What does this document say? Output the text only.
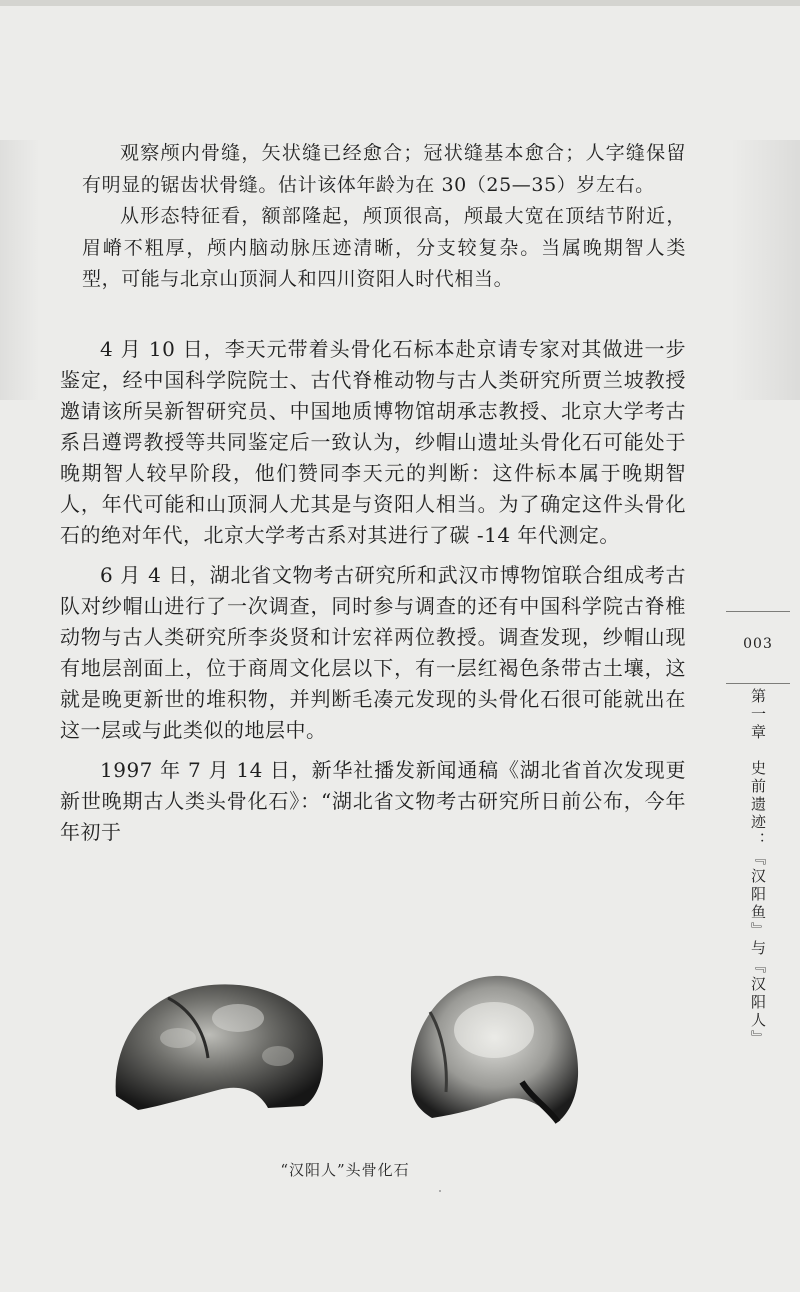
观察颅内骨缝，矢状缝已经愈合；冠状缝基本愈合；人字缝保留有明显的锯齿状骨缝。估计该体年龄为在 30（25—35）岁左右。

从形态特征看，额部隆起，颅顶很高，颅最大宽在顶结节附近，眉嵴不粗厚，颅内脑动脉压迹清晰，分支较复杂。当属晚期智人类型，可能与北京山顶洞人和四川资阳人时代相当。

4 月 10 日，李天元带着头骨化石标本赴京请专家对其做进一步鉴定，经中国科学院院士、古代脊椎动物与古人类研究所贾兰坡教授邀请该所吴新智研究员、中国地质博物馆胡承志教授、北京大学考古系吕遵谔教授等共同鉴定后一致认为，纱帽山遗址头骨化石可能处于晚期智人较早阶段，他们赞同李天元的判断：这件标本属于晚期智人，年代可能和山顶洞人尤其是与资阳人相当。为了确定这件头骨化石的绝对年代，北京大学考古系对其进行了碳 -14 年代测定。

6 月 4 日，湖北省文物考古研究所和武汉市博物馆联合组成考古队对纱帽山进行了一次调查，同时参与调查的还有中国科学院古脊椎动物与古人类研究所李炎贤和计宏祥两位教授。调查发现，纱帽山现有地层剖面上，位于商周文化层以下，有一层红褐色条带古土壤，这就是晚更新世的堆积物，并判断毛凑元发现的头骨化石很可能就出在这一层或与此类似的地层中。

1997 年 7 月 14 日，新华社播发新闻通稿《湖北省首次发现更新世晚期古人类头骨化石》：“湖北省文物考古研究所日前公布，今年年初于

“汉阳人”头骨化石
003
第一章　史前遗迹：『汉阳鱼』与『汉阳人』
